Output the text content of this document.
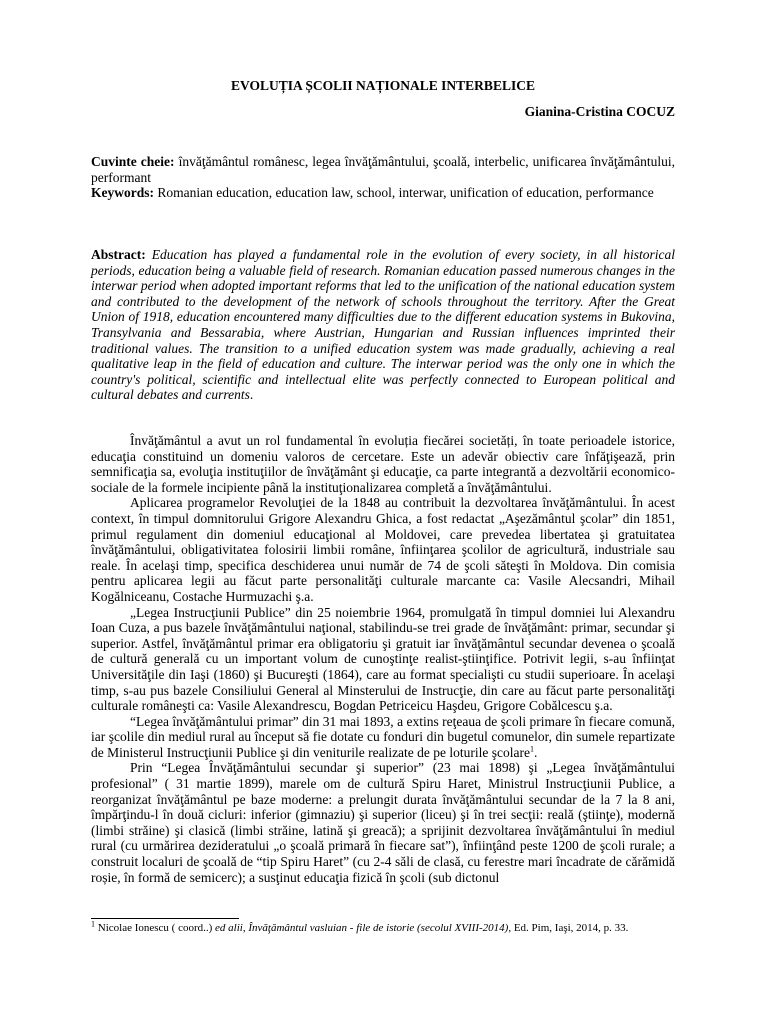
EVOLUȚIA ȘCOLII NAȚIONALE INTERBELICE
Gianina-Cristina COCUZ

Cuvinte cheie: învăţământul românesc, legea învăţământului, şcoală, interbelic, unificarea învăţământului, performant

Keywords: Romanian education, education law, school, interwar, unification of education, performance

Abstract: Education has played a fundamental role in the evolution of every society, in all historical periods, education being a valuable field of research. Romanian education passed numerous changes in the interwar period when adopted important reforms that led to the unification of the national education system and contributed to the development of the network of schools throughout the territory. After the Great Union of 1918, education encountered many difficulties due to the different education systems in Bukovina, Transylvania and Bessarabia, where Austrian, Hungarian and Russian influences imprinted their traditional values. The transition to a unified education system was made gradually, achieving a real qualitative leap in the field of education and culture. The interwar period was the only one in which the country's political, scientific and intellectual elite was perfectly connected to European political and cultural debates and currents.

Învăţământul a avut un rol fundamental în evoluția fiecărei societăți, în toate perioadele istorice, educaţia constituind un domeniu valoros de cercetare. Este un adevăr obiectiv care înfăţişează, prin semnificaţia sa, evoluţia instituţiilor de învăţământ şi educaţie, ca parte integrantă a dezvoltării economico-sociale de la formele incipiente până la instituţionalizarea completă a învăţământului.

Aplicarea programelor Revoluţiei de la 1848 au contribuit la dezvoltarea învăţământului. În acest context, în timpul domnitorului Grigore Alexandru Ghica, a fost redactat „Aşezământul şcolar” din 1851, primul regulament din domeniul educaţional al Moldovei, care prevedea libertatea şi gratuitatea învăţământului, obligativitatea folosirii limbii române, înfiinţarea şcolilor de agricultură, industriale sau reale. În acelaşi timp, specifica deschiderea unui număr de 74 de şcoli săteşti în Moldova. Din comisia pentru aplicarea legii au făcut parte personalităţi culturale marcante ca: Vasile Alecsandri, Mihail Kogălniceanu, Costache Hurmuzachi ş.a.

„Legea Instrucţiunii Publice” din 25 noiembrie 1964, promulgată în timpul domniei lui Alexandru Ioan Cuza, a pus bazele învăţământului naţional, stabilindu-se trei grade de învăţământ: primar, secundar şi superior. Astfel, învăţământul primar era obligatoriu şi gratuit iar învăţământul secundar devenea o şcoală de cultură generală cu un important volum de cunoştinţe realist-ştiinţifice. Potrivit legii, s-au înfiinţat Universităţile din Iaşi (1860) şi Bucureşti (1864), care au format specialişti cu studii superioare. În acelaşi timp, s-au pus bazele Consiliului General al Minsterului de Instrucţie, din care au făcut parte personalităţi culturale româneşti ca: Vasile Alexandrescu, Bogdan Petriceicu Haşdeu, Grigore Cobălcescu ş.a.

“Legea învăţământului primar” din 31 mai 1893, a extins reţeaua de şcoli primare în fiecare comună, iar şcolile din mediul rural au început să fie dotate cu fonduri din bugetul comunelor, din sumele repartizate de Ministerul Instrucţiunii Publice şi din veniturile realizate de pe loturile şcolare$^1$.

Prin “Legea Învăţământului secundar şi superior” (23 mai 1898) şi „Legea învăţământului profesional” ( 31 martie 1899), marele om de cultură Spiru Haret, Ministrul Instrucţiunii Publice, a reorganizat învăţământul pe baze moderne: a prelungit durata învăţământului secundar de la 7 la 8 ani, împărţindu-l în două cicluri: inferior (gimnaziu) şi superior (liceu) şi în trei secţii: reală (ştiinţe), modernă (limbi străine) şi clasică (limbi străine, latină şi greacă); a sprijinit dezvoltarea învăţământului în mediul rural (cu urmărirea dezideratului „o şcoală primară în fiecare sat”), înfiinţând peste 1200 de şcoli rurale; a construit localuri de şcoală de “tip Spiru Haret” (cu 2-4 săli de clasă, cu ferestre mari încadrate de cărămidă roșie, în formă de semicerc); a susţinut educaţia fizică în şcoli (sub dictonul

$^1$ Nicolae Ionescu ( coord..) ed alii, Învăţământul vasluian - file de istorie (secolul XVIII-2014), Ed. Pim, Iaşi, 2014, p. 33.
